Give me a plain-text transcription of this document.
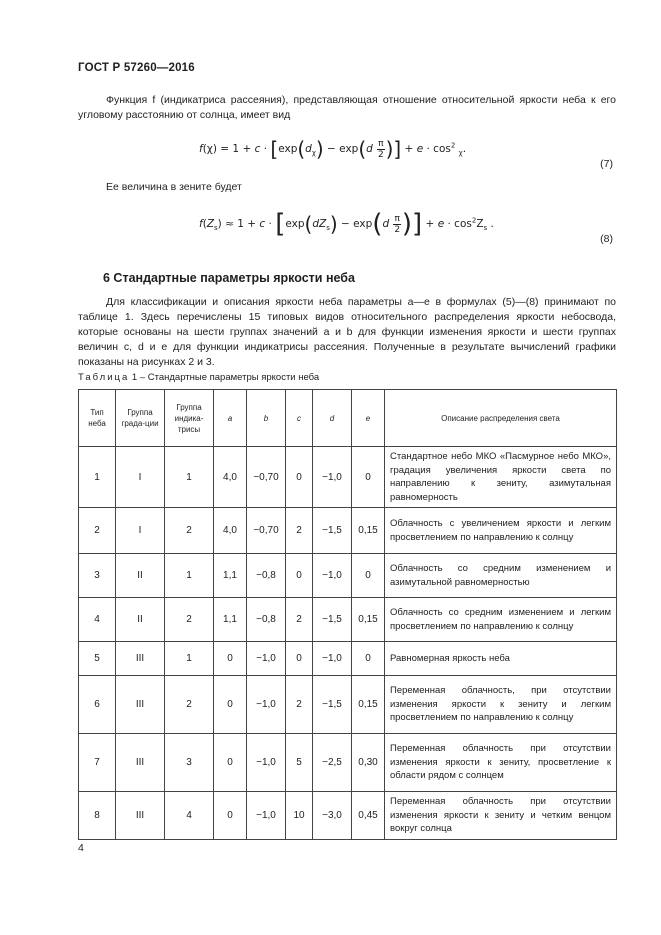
ГОСТ Р 57260—2016
Функция f (индикатриса рассеяния), представляющая отношение относительной яркости неба к его угловому расстоянию от солнца, имеет вид
$f(\chi) = 1 + c \cdot [\exp(d_\chi) - \exp(d \frac{\pi}{2}$ )] + $e \cdot \cos^2 _\chi$.
(7)
Ее величина в зените будет
$f(Z_s) \approx 1 + c \cdot [\exp(dZ_s) - \exp(d \frac{\pi}{2}$ )] + $e \cdot \cos^2Z_s$ .
(8)
6 Стандартные параметры яркости неба
Для классификации и описания яркости неба параметры a—e в формулах (5)—(8) принимают по таблице 1. Здесь перечислены 15 типовых видов относительного распределения яркости небосвода, которые основаны на шести группах значений a и b для функции изменения яркости и шести группах величин c, d и e для функции индикатрисы рассеяния. Полученные в результате вычислений графики показаны на рисунках 2 и 3.
Таблица 1 – Стандартные параметры яркости неба
Тип неба	Группа града-ции	Группа индика-трисы	a	b	c	d	e	Описание распределения света
1	I	1	4,0	−0,70	0	−1,0	0	Стандартное небо МКО «Пасмурное небо МКО», градация увеличения яркости света по направлению к зениту, азимутальная равномерность
2	I	2	4,0	−0,70	2	−1,5	0,15	Облачность с увеличением яркости и легким просветлением по направлению к солнцу
3	II	1	1,1	−0,8	0	−1,0	0	Облачность со средним изменением и азимутальной равномерностью
4	II	2	1,1	−0,8	2	−1,5	0,15	Облачность со средним изменением и легким просветлением по направлению к солнцу
5	III	1	0	−1,0	0	−1,0	0	Равномерная яркость неба
6	III	2	0	−1,0	2	−1,5	0,15	Переменная облачность, при отсутствии изменения яркости к зениту и легким просветлением по направлению к солнцу
7	III	3	0	−1,0	5	−2,5	0,30	Переменная облачность при отсутствии изменения яркости к зениту, просветление к области рядом с солнцем
8	III	4	0	−1,0	10	−3,0	0,45	Переменная облачность при отсутствии изменения яркости к зениту и четким венцом вокруг солнца
4
